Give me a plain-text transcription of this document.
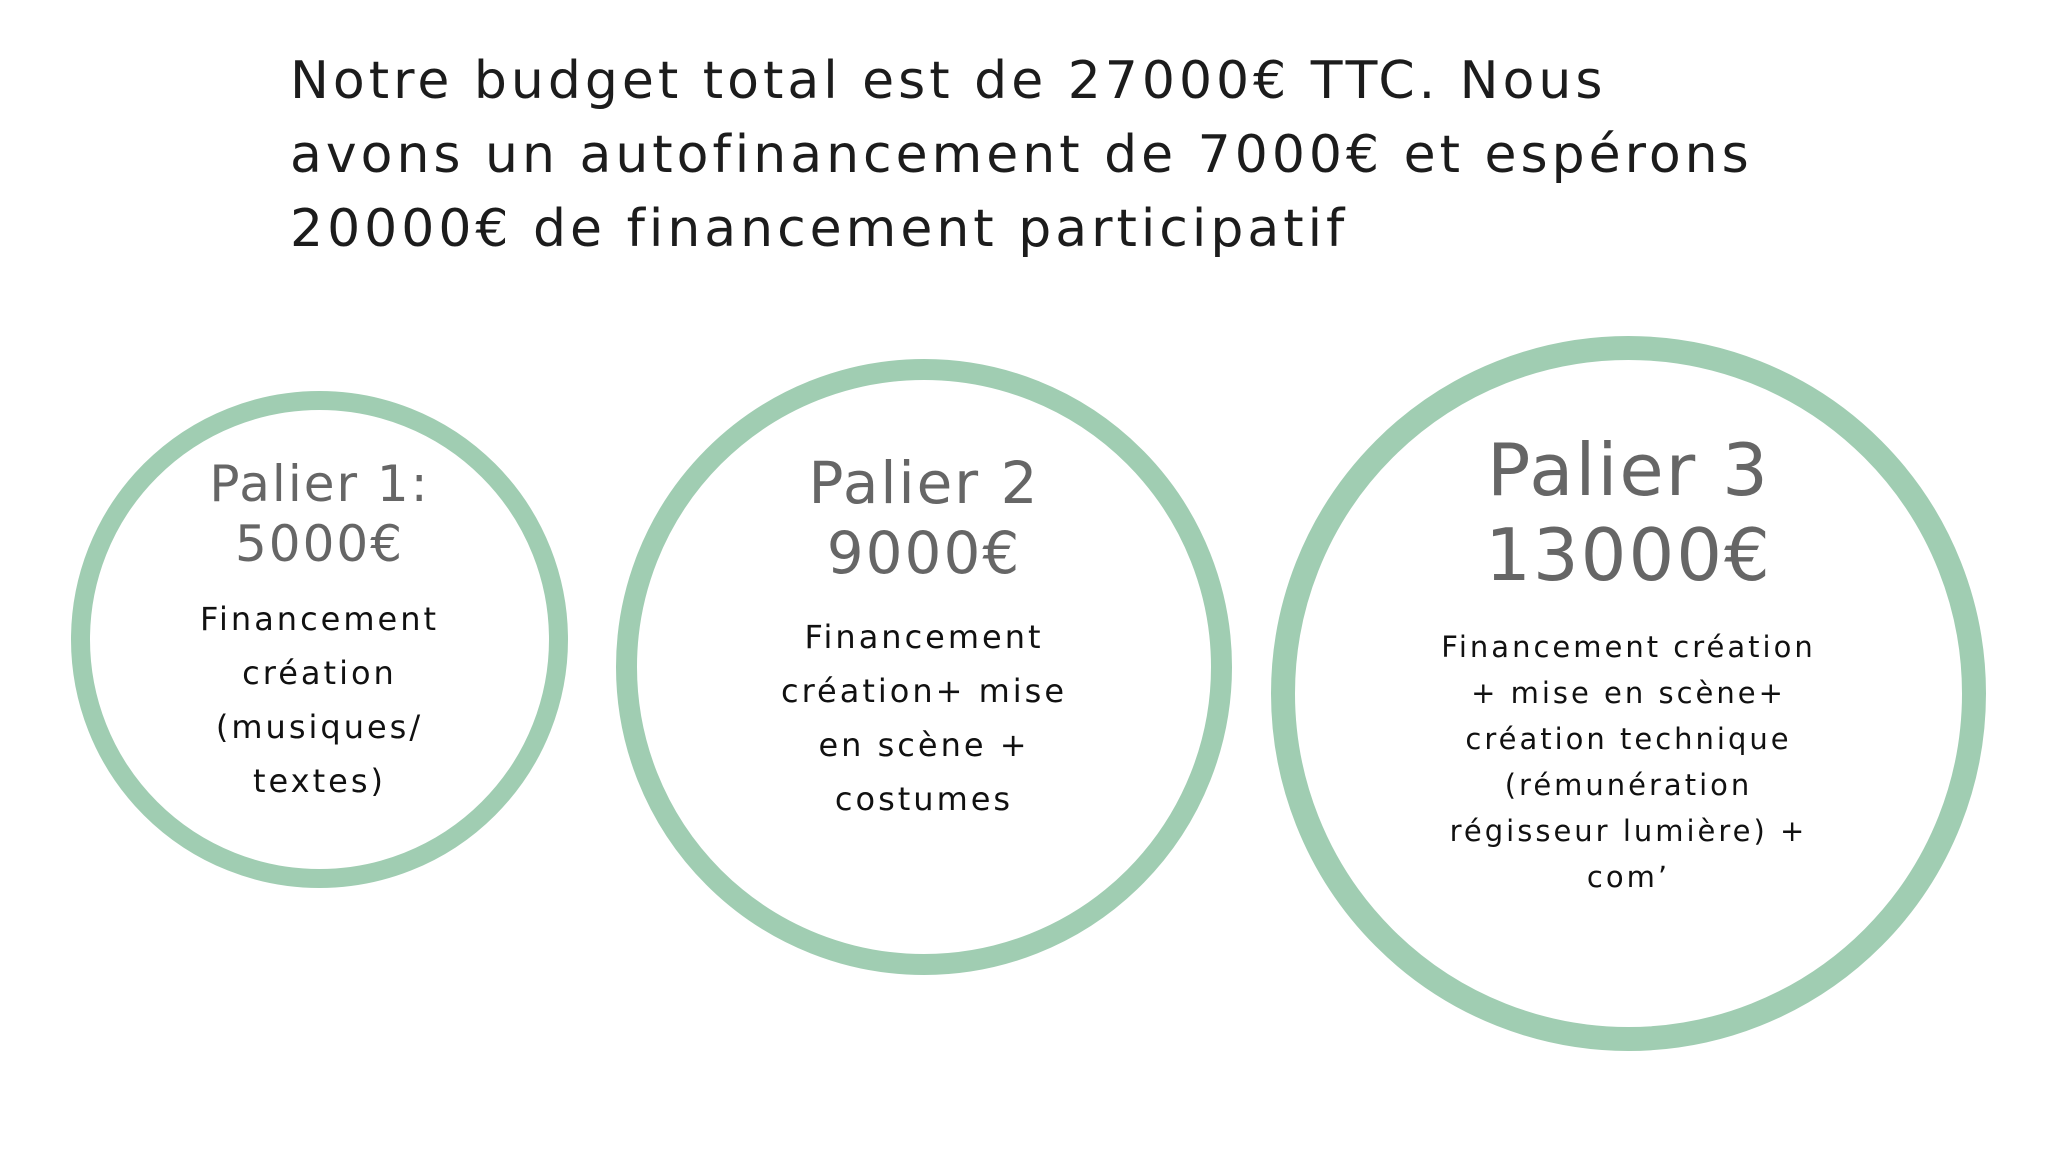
Notre budget total est de 27000€ TTC. Nous avons un autofinancement de 7000€ et espérons 20000€ de financement participatif

Palier 1:
5000€
Financement création (musiques/ textes)
Palier 2
9000€
Financement création+ mise en scène + costumes
Palier 3
13000€
Financement création + mise en scène+ création technique (rémunération régisseur lumière) + com’
